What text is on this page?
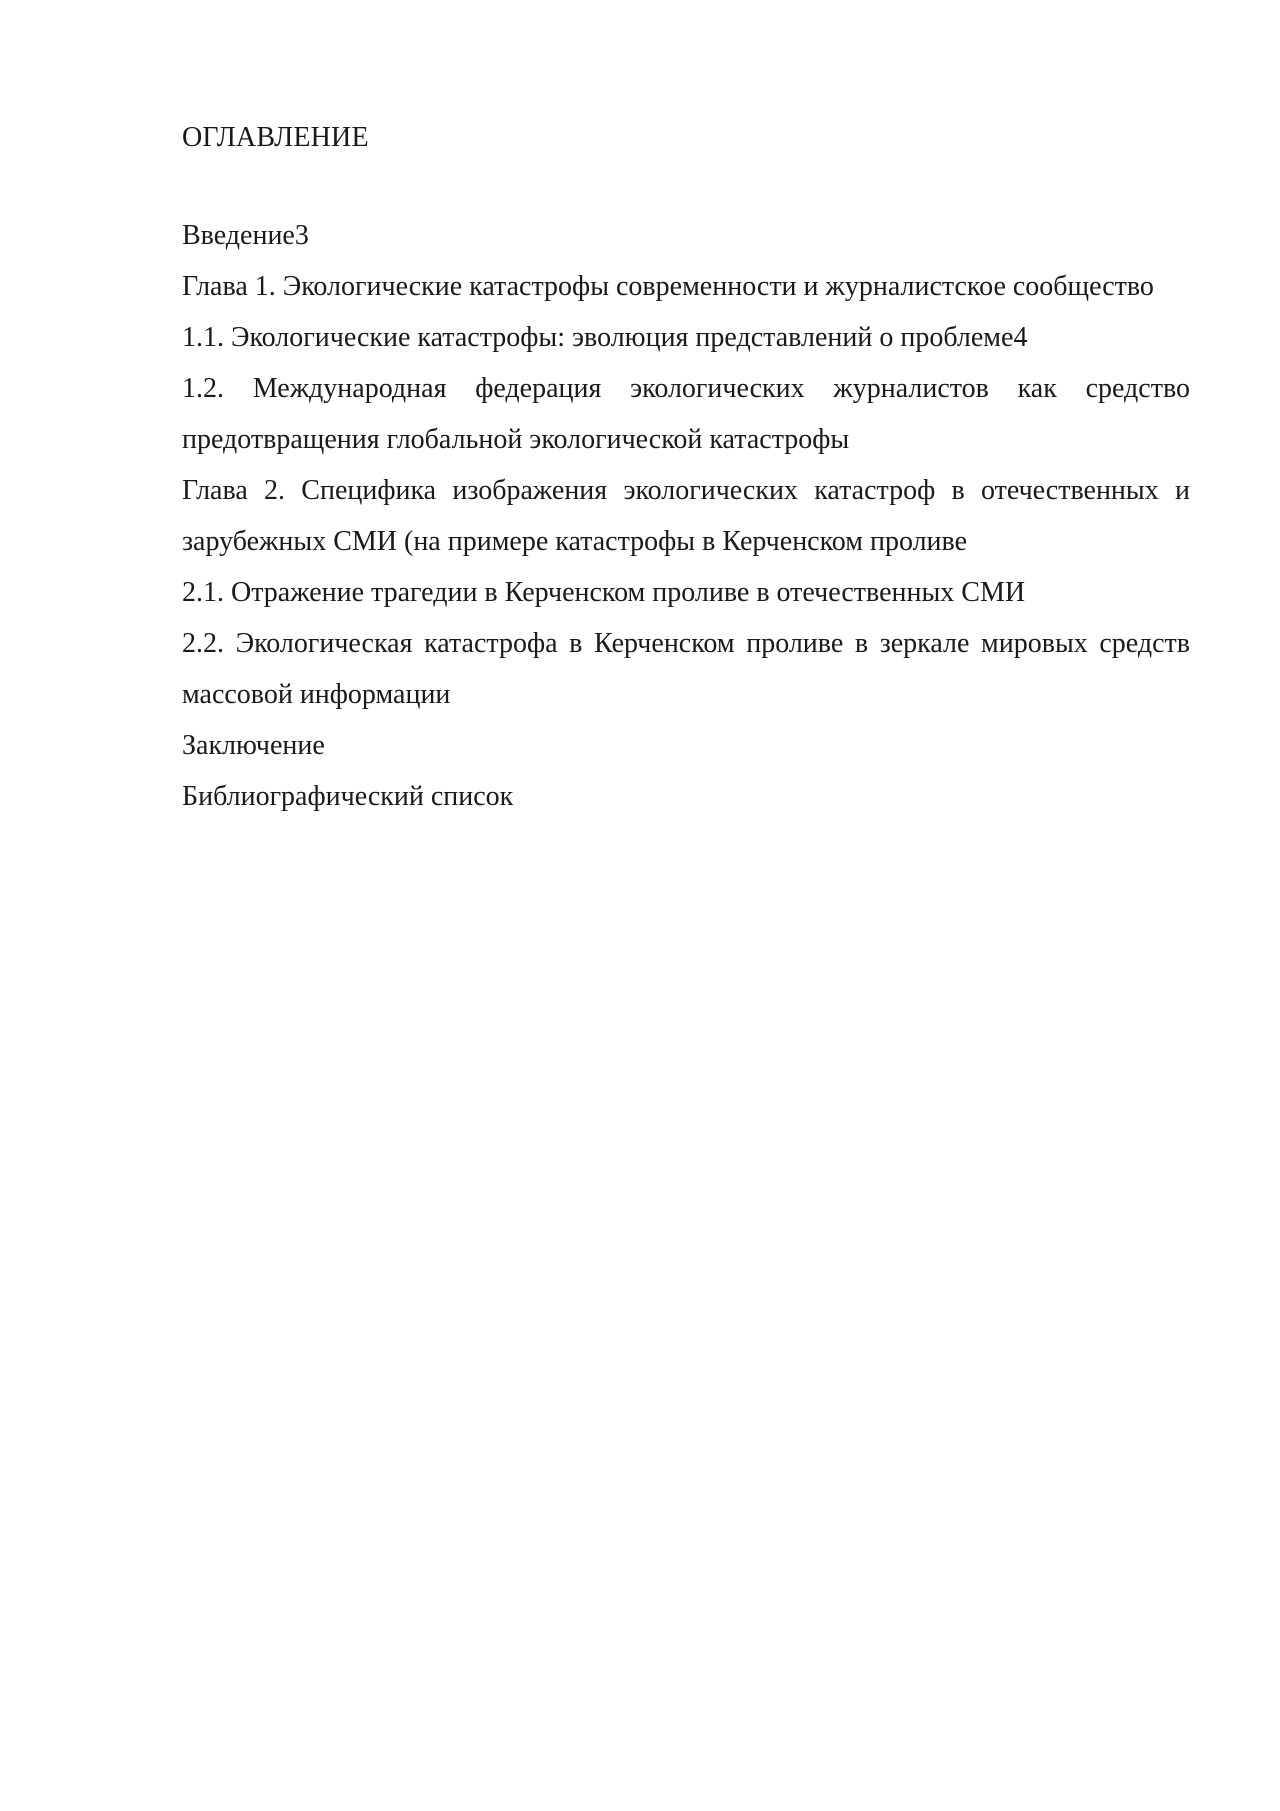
ОГЛАВЛЕНИЕ
Введение3
Глава 1. Экологические катастрофы современности и журналистское сообщество
1.1. Экологические катастрофы: эволюция представлений о проблеме4
1.2. Международная федерация экологических журналистов как средство предотвращения глобальной экологической катастрофы
Глава 2. Специфика изображения экологических катастроф в отечественных и зарубежных СМИ (на примере катастрофы в Керченском проливе
2.1. Отражение трагедии в Керченском проливе в отечественных СМИ
2.2. Экологическая катастрофа в Керченском проливе в зеркале мировых средств массовой информации
Заключение
Библиографический список
